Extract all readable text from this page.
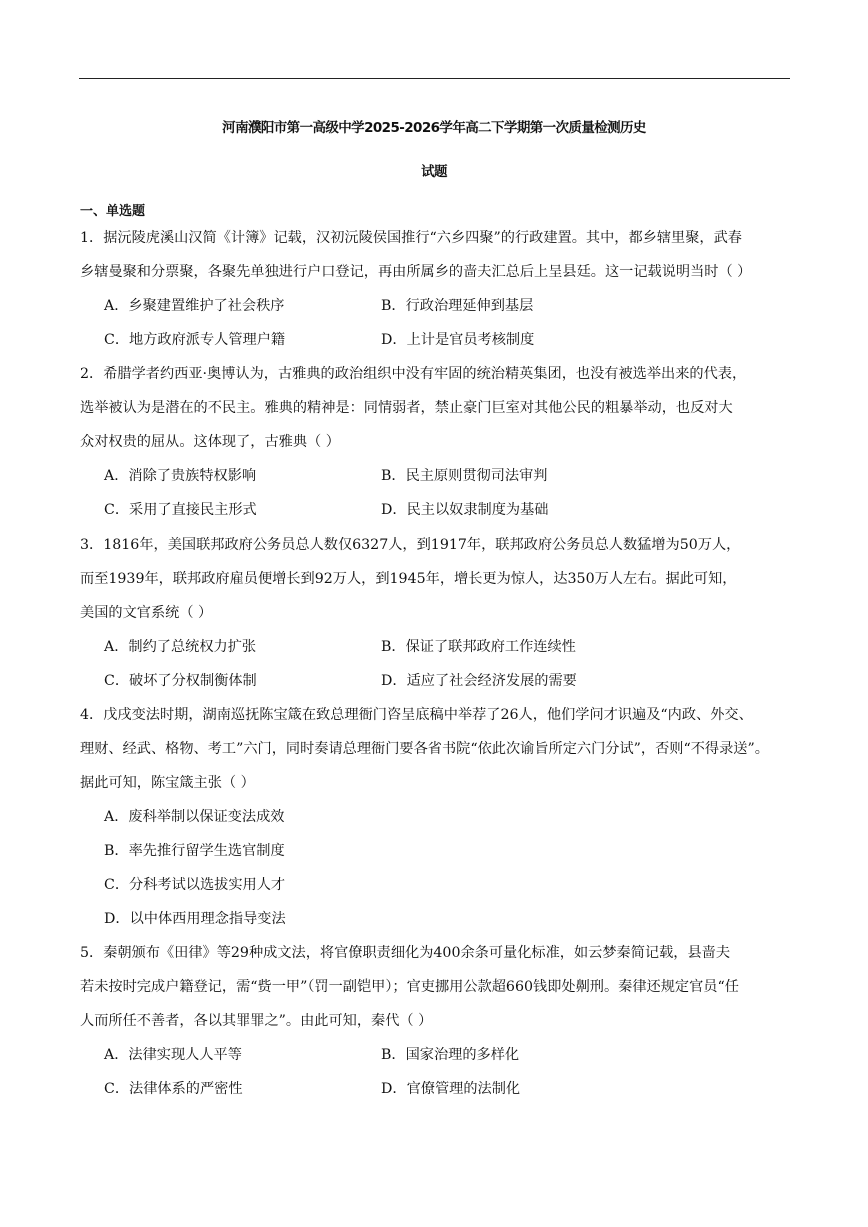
河南濮阳市第一高级中学2025-2026学年高二下学期第一次质量检测历史
试题
一、单选题
1．据沅陵虎溪山汉简《计簿》记载，汉初沅陵侯国推行“六乡四聚”的行政建置。其中，都乡辖里聚，武春
乡辖曼聚和分票聚，各聚先单独进行户口登记，再由所属乡的啬夫汇总后上呈县廷。这一记载说明当时（ ）
A．乡聚建置维护了社会秩序	B．行政治理延伸到基层
C．地方政府派专人管理户籍	D．上计是官员考核制度
2．希腊学者约西亚·奥博认为，古雅典的政治组织中没有牢固的统治精英集团，也没有被选举出来的代表，
选举被认为是潜在的不民主。雅典的精神是：同情弱者，禁止豪门巨室对其他公民的粗暴举动，也反对大
众对权贵的屈从。这体现了，古雅典（ ）
A．消除了贵族特权影响	B．民主原则贯彻司法审判
C．采用了直接民主形式	D．民主以奴隶制度为基础
3．1816年，美国联邦政府公务员总人数仅6327人，到1917年，联邦政府公务员总人数猛增为50万人，
而至1939年，联邦政府雇员便增长到92万人，到1945年，增长更为惊人，达350万人左右。据此可知，
美国的文官系统（ ）
A．制约了总统权力扩张	B．保证了联邦政府工作连续性
C．破坏了分权制衡体制	D．适应了社会经济发展的需要
4．戊戌变法时期，湖南巡抚陈宝箴在致总理衙门咨呈底稿中举荐了26人，他们学问才识遍及“内政、外交、
理财、经武、格物、考工”六门，同时奏请总理衙门要各省书院“依此次谕旨所定六门分试”，否则“不得录送”。
据此可知，陈宝箴主张（ ）
A．废科举制以保证变法成效
B．率先推行留学生选官制度
C．分科考试以选拔实用人才
D．以中体西用理念指导变法
5．秦朝颁布《田律》等29种成文法，将官僚职责细化为400余条可量化标准，如云梦秦简记载，县啬夫
若未按时完成户籍登记，需“赀一甲”（罚一副铠甲）；官吏挪用公款超660钱即处劓刑。秦律还规定官员“任
人而所任不善者，各以其罪罪之”。由此可知，秦代（ ）
A．法律实现人人平等	B．国家治理的多样化
C．法律体系的严密性	D．官僚管理的法制化
